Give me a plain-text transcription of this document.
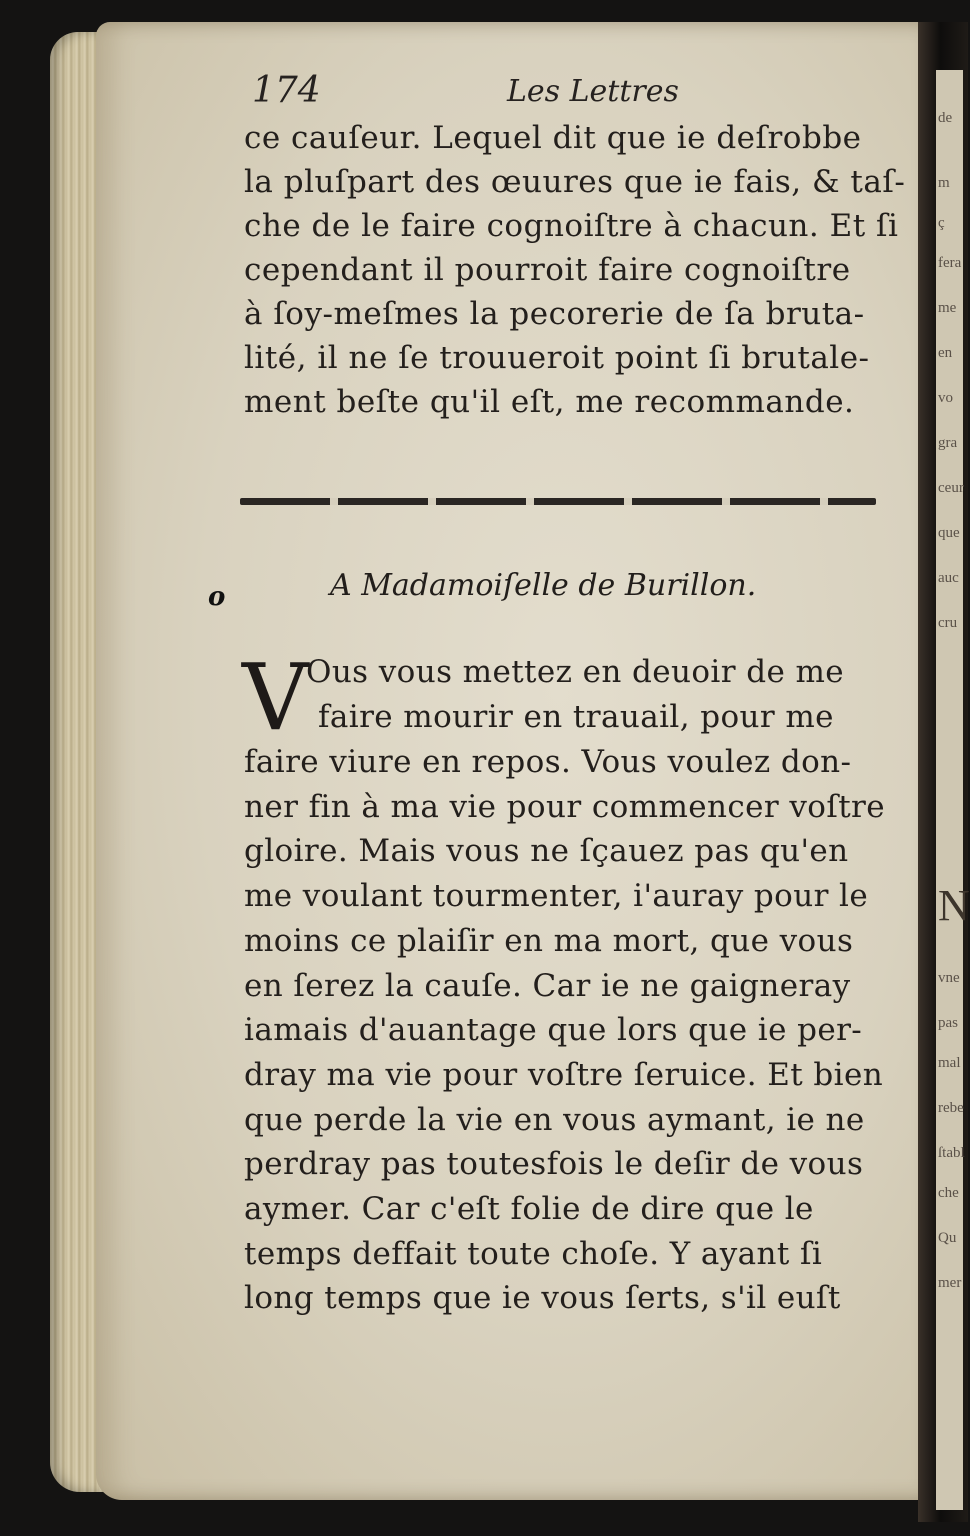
de
m
ç
fera
me
en
vo
gra
ceur
que
auc
cru
N
vne
pas
mal
rebe
ſtabl
che
Qu
mer
174	Les Lettres
ce cauſeur. Lequel dit que ie deſrobbe
la pluſpart des œuures que ie fais, & taſ-
che de le faire cognoiſtre à chacun. Et ſi
cependant il pourroit faire cognoiſtre
à ſoy-meſmes la pecorerie de ſa bruta-
lité, il ne ſe trouueroit point ſi brutale-
ment beſte qu'il eſt, me recommande.
o	A Madamoiſelle de Burillon.
V
Ous vous mettez en deuoir de me
faire mourir en trauail, pour me
faire viure en repos. Vous voulez don-
ner fin à ma vie pour commencer voſtre
gloire. Mais vous ne ſçauez pas qu'en
me voulant tourmenter, i'auray pour le
moins ce plaiſir en ma mort, que vous
en ſerez la cauſe. Car ie ne gaigneray
iamais d'auantage que lors que ie per-
dray ma vie pour voſtre ſeruice. Et bien
que perde la vie en vous aymant, ie ne
perdray pas toutesfois le deſir de vous
aymer. Car c'eſt folie de dire que le
temps deffait toute choſe. Y ayant ſi
long temps que ie vous ſerts, s'il euſt
